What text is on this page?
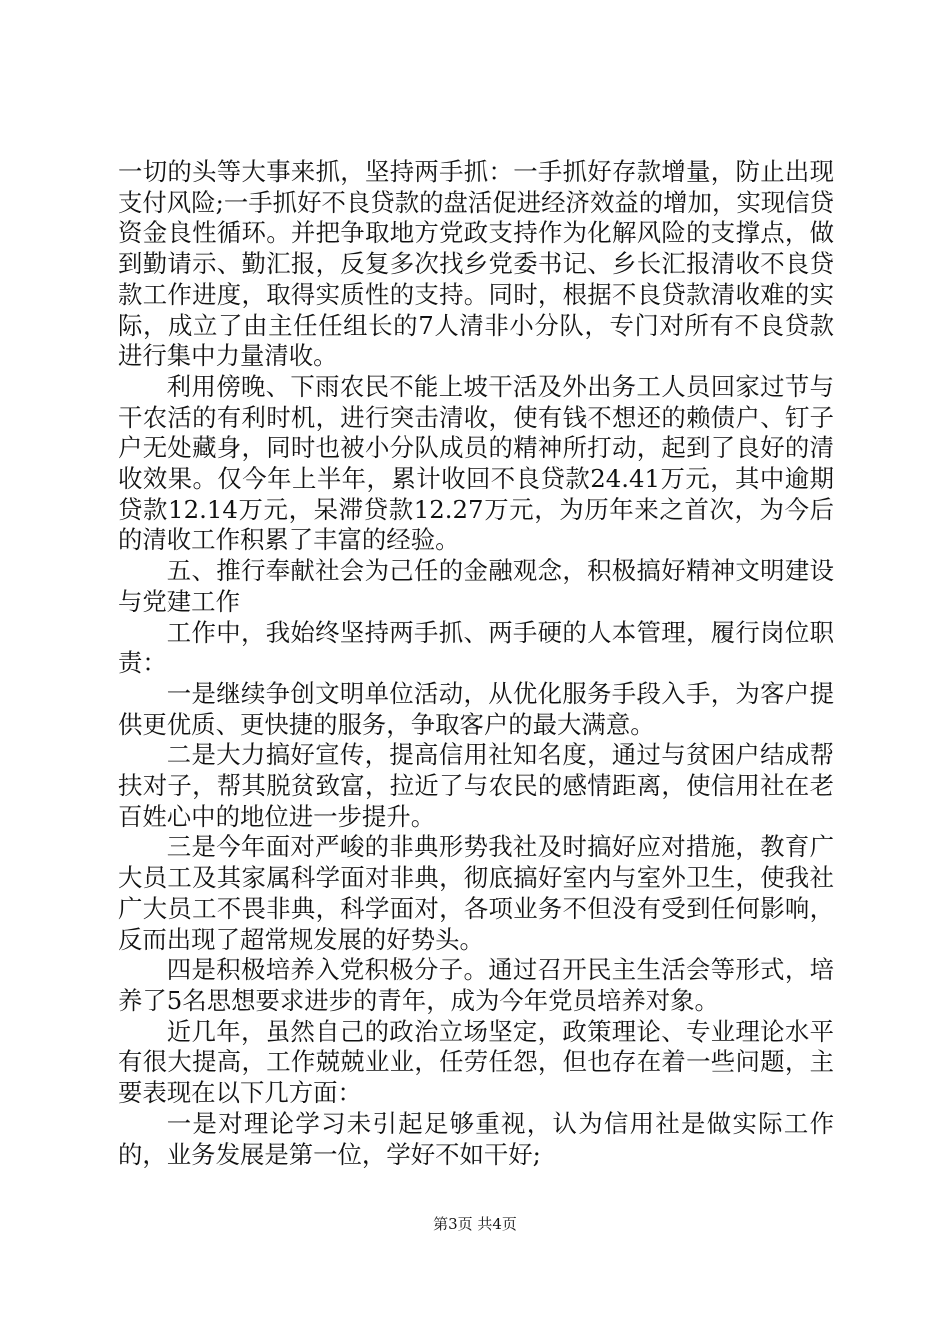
一切的头等大事来抓，坚持两手抓：一手抓好存款增量，防止出现支付风险;一手抓好不良贷款的盘活促进经济效益的增加，实现信贷资金良性循环。并把争取地方党政支持作为化解风险的支撑点，做到勤请示、勤汇报，反复多次找乡党委书记、乡长汇报清收不良贷款工作进度，取得实质性的支持。同时，根据不良贷款清收难的实际，成立了由主任任组长的7人清非小分队，专门对所有不良贷款进行集中力量清收。

利用傍晚、下雨农民不能上坡干活及外出务工人员回家过节与干农活的有利时机，进行突击清收，使有钱不想还的赖债户、钉子户无处藏身，同时也被小分队成员的精神所打动，起到了良好的清收效果。仅今年上半年，累计收回不良贷款24.41万元，其中逾期贷款12.14万元，呆滞贷款12.27万元，为历年来之首次，为今后的清收工作积累了丰富的经验。

五、推行奉献社会为己任的金融观念，积极搞好精神文明建设与党建工作

工作中，我始终坚持两手抓、两手硬的人本管理，履行岗位职责：

一是继续争创文明单位活动，从优化服务手段入手，为客户提供更优质、更快捷的服务，争取客户的最大满意。

二是大力搞好宣传，提高信用社知名度，通过与贫困户结成帮扶对子，帮其脱贫致富，拉近了与农民的感情距离，使信用社在老百姓心中的地位进一步提升。

三是今年面对严峻的非典形势我社及时搞好应对措施，教育广大员工及其家属科学面对非典，彻底搞好室内与室外卫生，使我社广大员工不畏非典，科学面对，各项业务不但没有受到任何影响，反而出现了超常规发展的好势头。

四是积极培养入党积极分子。通过召开民主生活会等形式，培养了5名思想要求进步的青年，成为今年党员培养对象。

近几年，虽然自己的政治立场坚定，政策理论、专业理论水平有很大提高，工作兢兢业业，任劳任怨，但也存在着一些问题，主要表现在以下几方面：

一是对理论学习未引起足够重视，认为信用社是做实际工作的，业务发展是第一位，学好不如干好;

第3页 共4页
